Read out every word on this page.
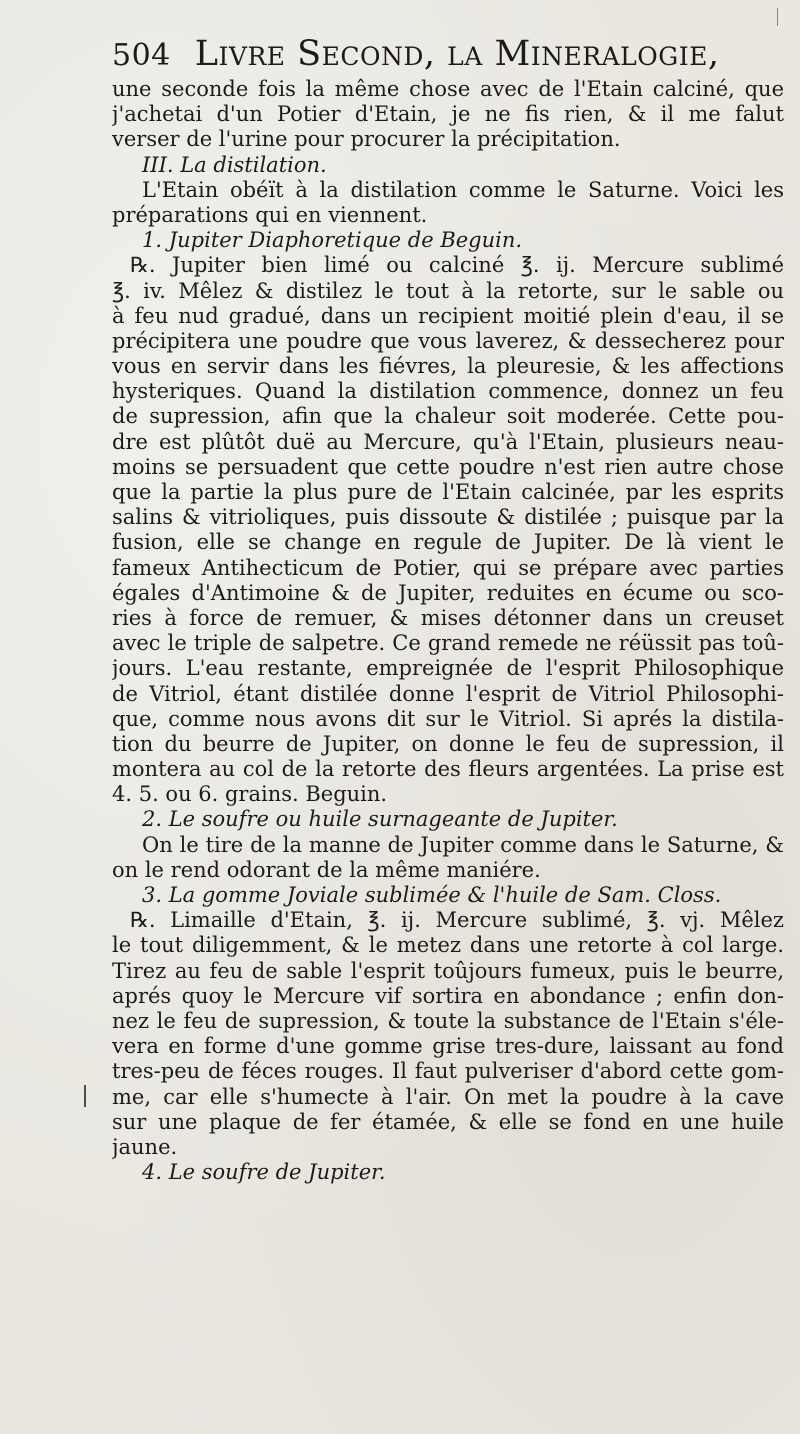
504 Livre Second, la Mineralogie,
une seconde fois la même chose avec de l'Etain calciné, que
j'achetai d'un Potier d'Etain, je ne fis rien, & il me falut
verser de l'urine pour procurer la précipitation.
III. La distilation.
L'Etain obéït à la distilation comme le Saturne. Voici les
préparations qui en viennent.
1. Jupiter Diaphoretique de Beguin.
℞. Jupiter bien limé ou calciné ℥. ij. Mercure sublimé
℥. iv. Mêlez & distilez le tout à la retorte, sur le sable ou
à feu nud gradué, dans un recipient moitié plein d'eau, il se
précipitera une poudre que vous laverez, & dessecherez pour
vous en servir dans les fiévres, la pleuresie, & les affections
hysteriques. Quand la distilation commence, donnez un feu
de supression, afin que la chaleur soit moderée. Cette pou-
dre est plûtôt duë au Mercure, qu'à l'Etain, plusieurs neau-
moins se persuadent que cette poudre n'est rien autre chose
que la partie la plus pure de l'Etain calcinée, par les esprits
salins & vitrioliques, puis dissoute & distilée ; puisque par la
fusion, elle se change en regule de Jupiter. De là vient le
fameux Antihecticum de Potier, qui se prépare avec parties
égales d'Antimoine & de Jupiter, reduites en écume ou sco-
ries à force de remuer, & mises détonner dans un creuset
avec le triple de salpetre. Ce grand remede ne réüssit pas toû-
jours. L'eau restante, empreignée de l'esprit Philosophique
de Vitriol, étant distilée donne l'esprit de Vitriol Philosophi-
que, comme nous avons dit sur le Vitriol. Si aprés la distila-
tion du beurre de Jupiter, on donne le feu de supression, il
montera au col de la retorte des fleurs argentées. La prise est
4. 5. ou 6. grains. Beguin.
2. Le soufre ou huile surnageante de Jupiter.
On le tire de la manne de Jupiter comme dans le Saturne, &
on le rend odorant de la même maniére.
3. La gomme Joviale sublimée & l'huile de Sam. Closs.
℞. Limaille d'Etain, ℥. ij. Mercure sublimé, ℥. vj. Mêlez
le tout diligemment, & le metez dans une retorte à col large.
Tirez au feu de sable l'esprit toûjours fumeux, puis le beurre,
aprés quoy le Mercure vif sortira en abondance ; enfin don-
nez le feu de supression, & toute la substance de l'Etain s'éle-
vera en forme d'une gomme grise tres-dure, laissant au fond
tres-peu de féces rouges. Il faut pulveriser d'abord cette gom-
me, car elle s'humecte à l'air. On met la poudre à la cave
sur une plaque de fer étamée, & elle se fond en une huile
jaune.
4. Le soufre de Jupiter.
